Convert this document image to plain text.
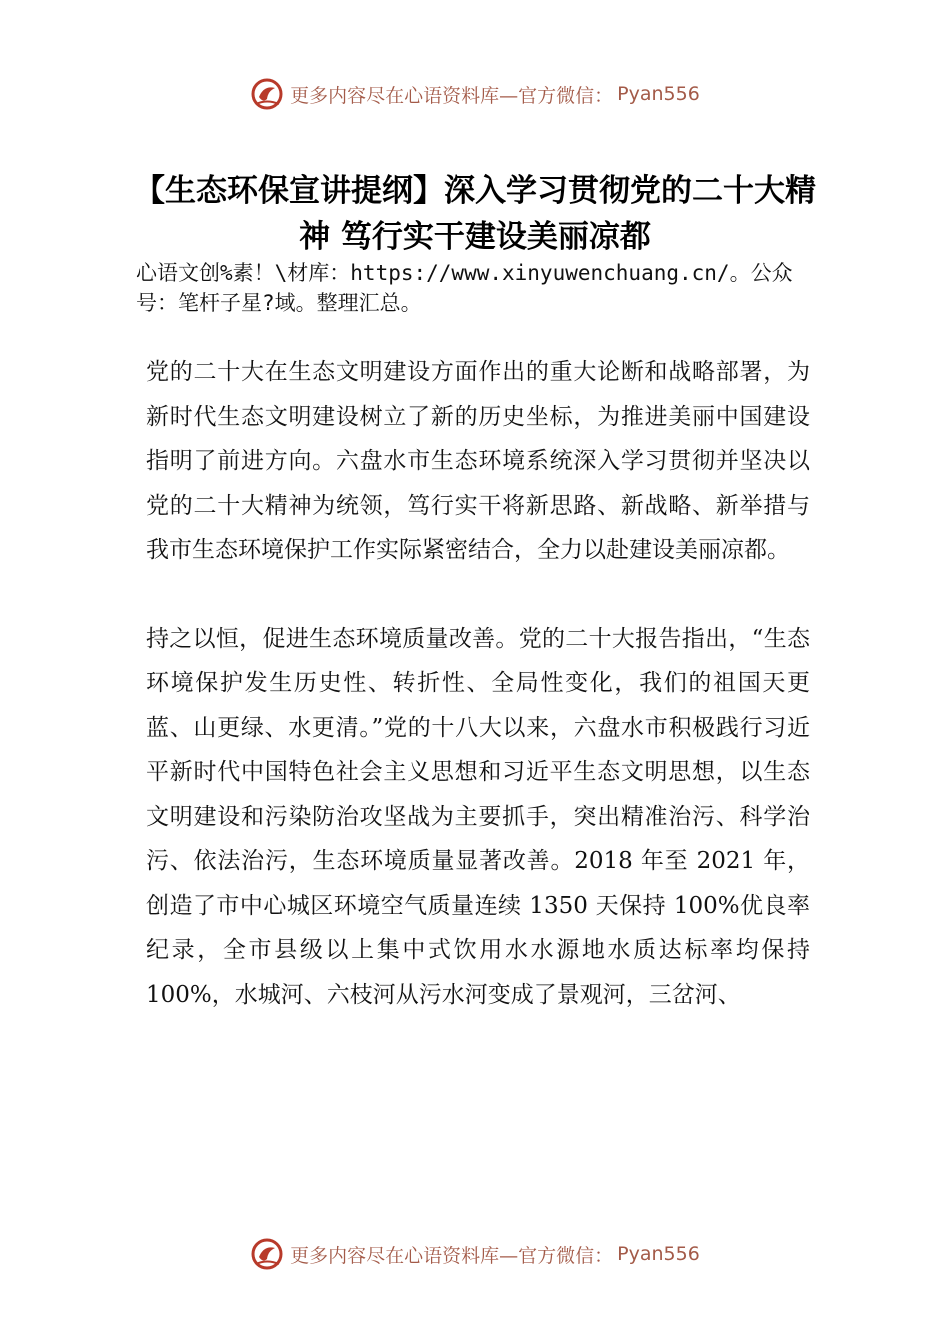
更多内容尽在心语资料库—官方微信： Pyan556
【生态环保宣讲提纲】深入学习贯彻党的二十大精神 笃行实干建设美丽凉都
心语文创%素！\材库：https://www.xinyuwenchuang.cn/。公众号：笔杆子星?域。整理汇总。

党的二十大在生态文明建设方面作出的重大论断和战略部署，为新时代生态文明建设树立了新的历史坐标，为推进美丽中国建设指明了前进方向。六盘水市生态环境系统深入学习贯彻并坚决以党的二十大精神为统领，笃行实干将新思路、新战略、新举措与我市生态环境保护工作实际紧密结合，全力以赴建设美丽凉都。

持之以恒，促进生态环境质量改善。党的二十大报告指出，“生态环境保护发生历史性、转折性、全局性变化，我们的祖国天更蓝、山更绿、水更清。”党的十八大以来，六盘水市积极践行习近平新时代中国特色社会主义思想和习近平生态文明思想，以生态文明建设和污染防治攻坚战为主要抓手，突出精准治污、科学治污、依法治污，生态环境质量显著改善。2018 年至 2021 年，创造了市中心城区环境空气质量连续 1350 天保持 100%优良率纪录，全市县级以上集中式饮用水水源地水质达标率均保持 100%，水城河、六枝河从污水河变成了景观河，三岔河、

更多内容尽在心语资料库—官方微信： Pyan556
